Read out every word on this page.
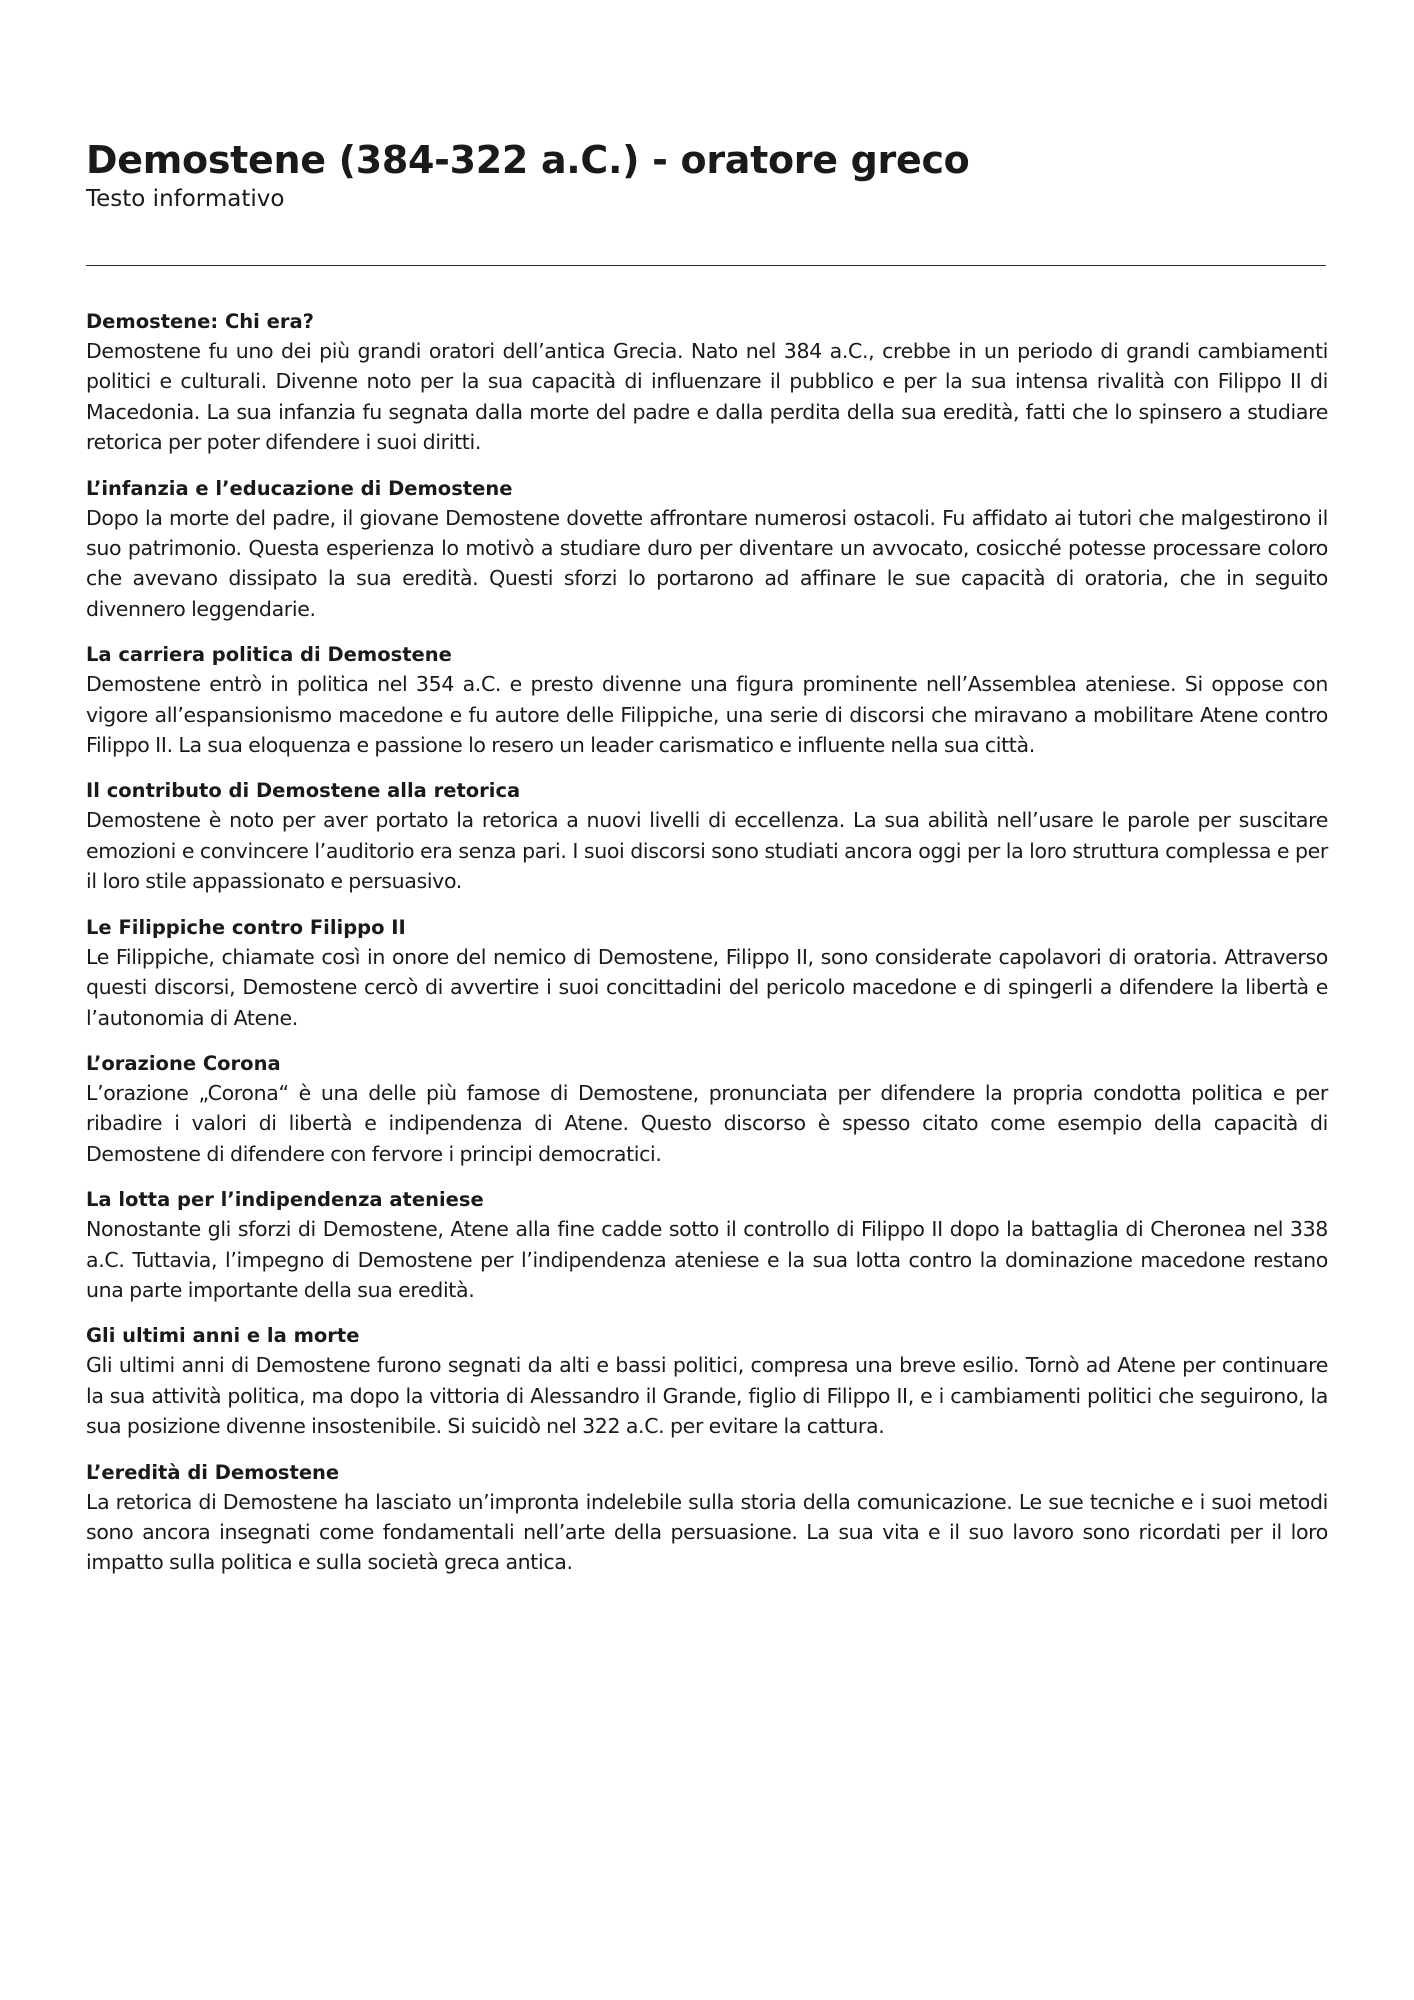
Demostene (384-322 a.C.) - oratore greco

Testo informativo

Demostene: Chi era?

Demostene fu uno dei più grandi oratori dell’antica Grecia. Nato nel 384 a.C., crebbe in un periodo di grandi cambiamenti politici e culturali. Divenne noto per la sua capacità di influenzare il pubblico e per la sua intensa rivalità con Filippo II di Macedonia. La sua infanzia fu segnata dalla morte del padre e dalla perdita della sua eredità, fatti che lo spinsero a studiare retorica per poter difendere i suoi diritti.

L’infanzia e l’educazione di Demostene

Dopo la morte del padre, il giovane Demostene dovette affrontare numerosi ostacoli. Fu affidato ai tutori che malgestirono il suo patrimonio. Questa esperienza lo motivò a studiare duro per diventare un avvocato, cosicché potesse processare coloro che avevano dissipato la sua eredità. Questi sforzi lo portarono ad affinare le sue capacità di oratoria, che in seguito divennero leggendarie.

La carriera politica di Demostene

Demostene entrò in politica nel 354 a.C. e presto divenne una figura prominente nell’Assemblea ateniese. Si oppose con vigore all’espansionismo macedone e fu autore delle Filippiche, una serie di discorsi che miravano a mobilitare Atene contro Filippo II. La sua eloquenza e passione lo resero un leader carismatico e influente nella sua città.

Il contributo di Demostene alla retorica

Demostene è noto per aver portato la retorica a nuovi livelli di eccellenza. La sua abilità nell’usare le parole per suscitare emozioni e convincere l’auditorio era senza pari. I suoi discorsi sono studiati ancora oggi per la loro struttura complessa e per il loro stile appassionato e persuasivo.

Le Filippiche contro Filippo II

Le Filippiche, chiamate così in onore del nemico di Demostene, Filippo II, sono considerate capolavori di oratoria. Attraverso questi discorsi, Demostene cercò di avvertire i suoi concittadini del pericolo macedone e di spingerli a difendere la libertà e l’autonomia di Atene.

L’orazione Corona

L’orazione „Corona“ è una delle più famose di Demostene, pronunciata per difendere la propria condotta politica e per ribadire i valori di libertà e indipendenza di Atene. Questo discorso è spesso citato come esempio della capacità di Demostene di difendere con fervore i principi democratici.

La lotta per l’indipendenza ateniese

Nonostante gli sforzi di Demostene, Atene alla fine cadde sotto il controllo di Filippo II dopo la battaglia di Cheronea nel 338 a.C. Tuttavia, l’impegno di Demostene per l’indipendenza ateniese e la sua lotta contro la dominazione macedone restano una parte importante della sua eredità.

Gli ultimi anni e la morte

Gli ultimi anni di Demostene furono segnati da alti e bassi politici, compresa una breve esilio. Tornò ad Atene per continuare la sua attività politica, ma dopo la vittoria di Alessandro il Grande, figlio di Filippo II, e i cambiamenti politici che seguirono, la sua posizione divenne insostenibile. Si suicidò nel 322 a.C. per evitare la cattura.

L’eredità di Demostene

La retorica di Demostene ha lasciato un’impronta indelebile sulla storia della comunicazione. Le sue tecniche e i suoi metodi sono ancora insegnati come fondamentali nell’arte della persuasione. La sua vita e il suo lavoro sono ricordati per il loro impatto sulla politica e sulla società greca antica.
